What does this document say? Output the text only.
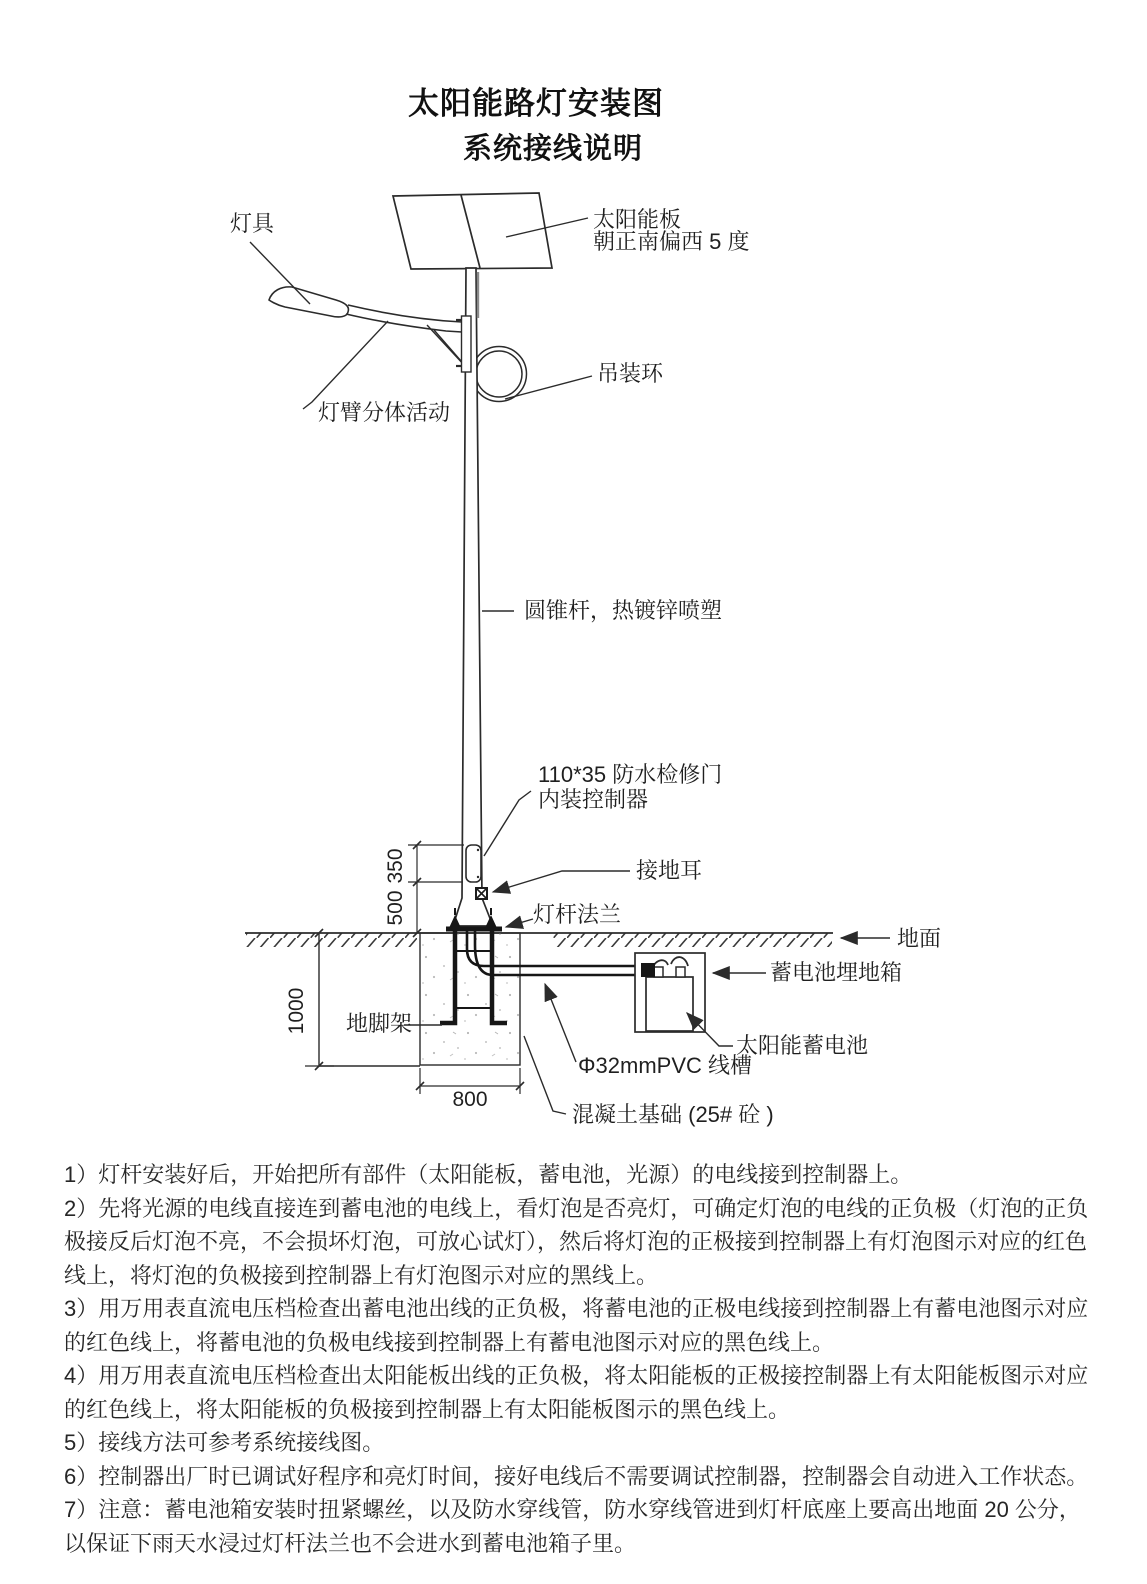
太阳能路灯安装图
系统接线说明
350
500
1000
800
灯具	太阳能板
朝正南偏西 5 度
吊装环
灯臂分体活动
圆锥杆，热镀锌喷塑
110*35 防水检修门
内装控制器
接地耳
灯杆法兰
地面
蓄电池埋地箱
太阳能蓄电池
地脚架
Φ32mmPVC 线槽
混凝土基础 (25# 砼 )

1）灯杆安装好后，开始把所有部件（太阳能板，蓄电池，光源）的电线接到控制器上。

2）先将光源的电线直接连到蓄电池的电线上，看灯泡是否亮灯，可确定灯泡的电线的正负极（灯泡的正负极接反后灯泡不亮，不会损坏灯泡，可放心试灯），然后将灯泡的正极接到控制器上有灯泡图示对应的红色线上，将灯泡的负极接到控制器上有灯泡图示对应的黑线上。

3）用万用表直流电压档检查出蓄电池出线的正负极，将蓄电池的正极电线接到控制器上有蓄电池图示对应的红色线上，将蓄电池的负极电线接到控制器上有蓄电池图示对应的黑色线上。

4）用万用表直流电压档检查出太阳能板出线的正负极，将太阳能板的正极接控制器上有太阳能板图示对应的红色线上，将太阳能板的负极接到控制器上有太阳能板图示的黑色线上。

5）接线方法可参考系统接线图。

6）控制器出厂时已调试好程序和亮灯时间，接好电线后不需要调试控制器，控制器会自动进入工作状态。

7）注意：蓄电池箱安装时扭紧螺丝，以及防水穿线管，防水穿线管进到灯杆底座上要高出地面 20 公分，以保证下雨天水浸过灯杆法兰也不会进水到蓄电池箱子里。
